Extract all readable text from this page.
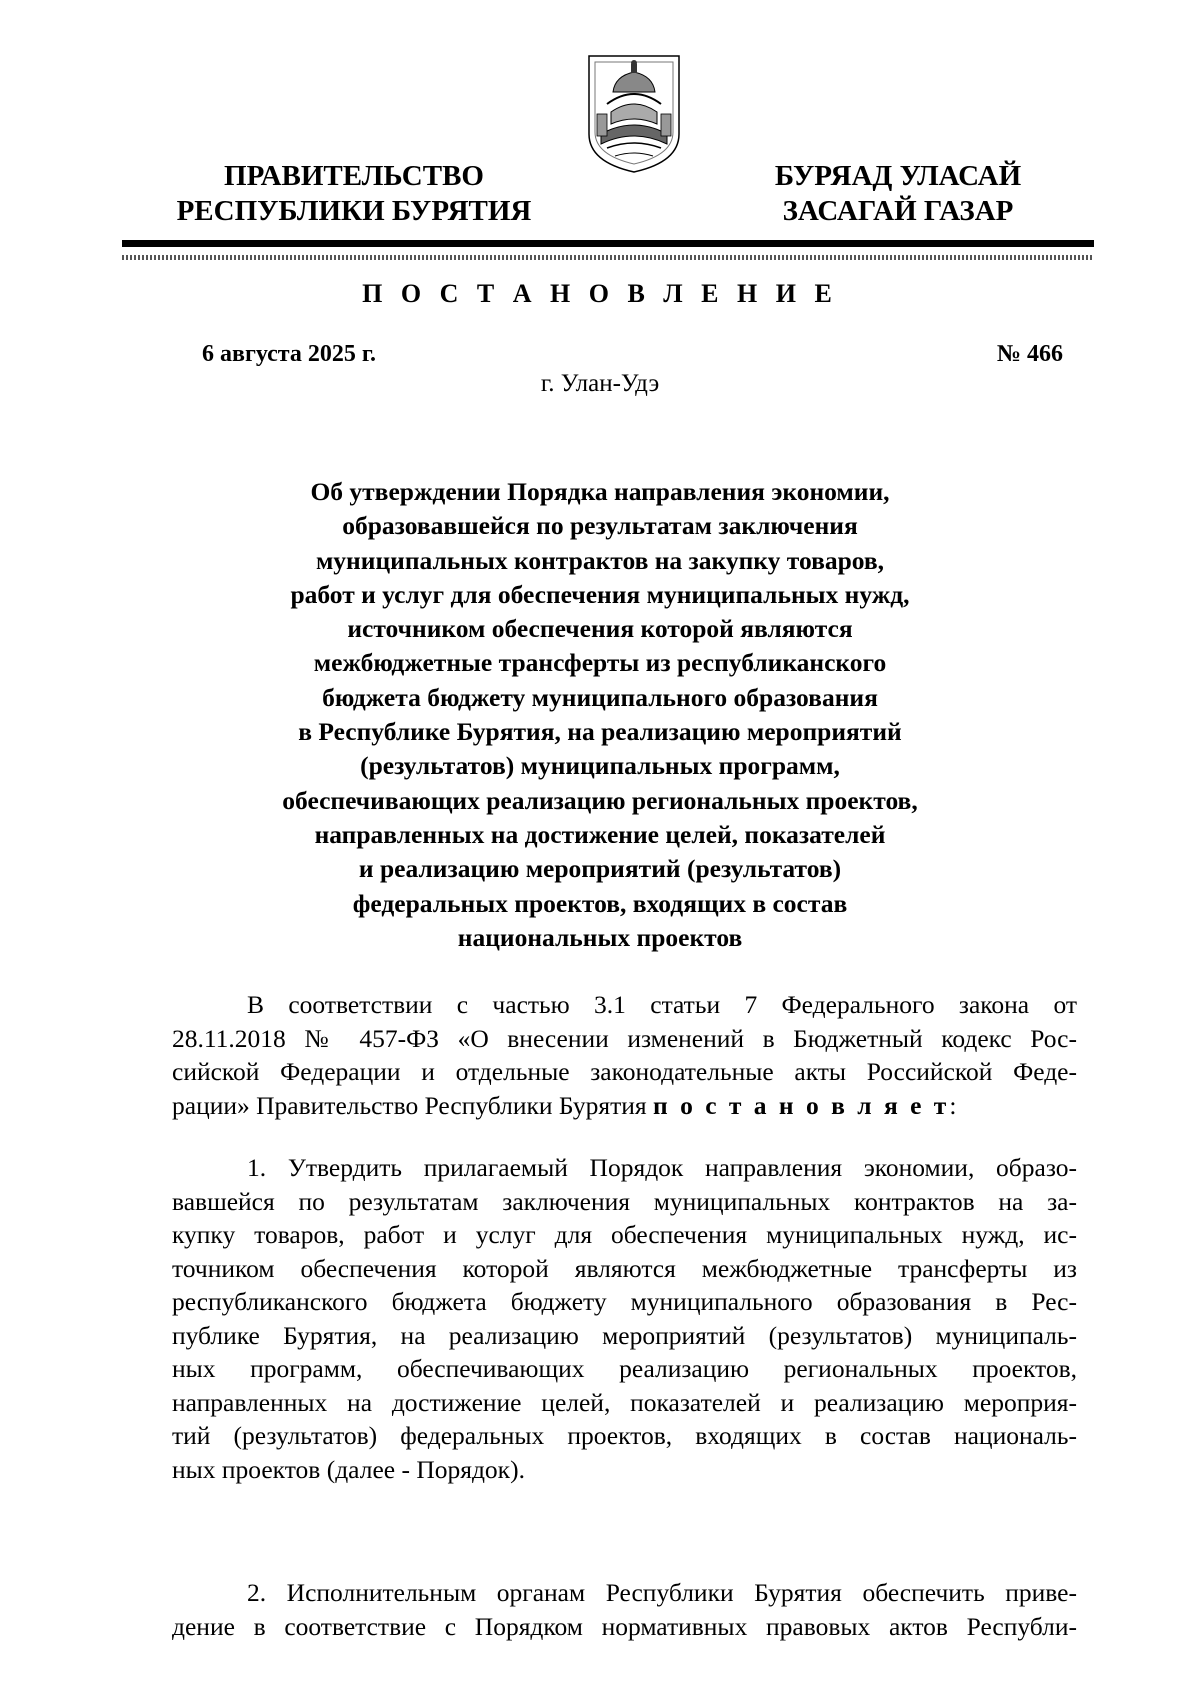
ПРАВИТЕЛЬСТВО
РЕСПУБЛИКИ БУРЯТИЯ
БУРЯАД УЛАСАЙ
ЗАСАГАЙ ГАЗАР
П О С Т А Н О В Л Е Н И Е
6 августа 2025 г.	№ 466
г. Улан-Удэ
Об утверждении Порядка направления экономии,
образовавшейся по результатам заключения
муниципальных контрактов на закупку товаров,
работ и услуг для обеспечения муниципальных нужд,
источником обеспечения которой являются
межбюджетные трансферты из республиканского
бюджета бюджету муниципального образования
в Республике Бурятия, на реализацию мероприятий
(результатов) муниципальных программ,
обеспечивающих реализацию региональных проектов,
направленных на достижение целей, показателей
и реализацию мероприятий (результатов)
федеральных проектов, входящих в состав
национальных проектов
В соответствии с частью 3.1 статьи 7 Федерального закона от
28.11.2018 № 457-ФЗ «О внесении изменений в Бюджетный кодекс Рос-
сийской Федерации и отдельные законодательные акты Российской Феде-
рации» Правительство Республики Бурятия п о с т а н о в л я е т:
1. Утвердить прилагаемый Порядок направления экономии, образо-
вавшейся по результатам заключения муниципальных контрактов на за-
купку товаров, работ и услуг для обеспечения муниципальных нужд, ис-
точником обеспечения которой являются межбюджетные трансферты из
республиканского бюджета бюджету муниципального образования в Рес-
публике Бурятия, на реализацию мероприятий (результатов) муниципаль-
ных программ, обеспечивающих реализацию региональных проектов,
направленных на достижение целей, показателей и реализацию мероприя-
тий (результатов) федеральных проектов, входящих в состав националь-
ных проектов (далее - Порядок).
2. Исполнительным органам Республики Бурятия обеспечить приве-
дение в соответствие с Порядком нормативных правовых актов Республи-
